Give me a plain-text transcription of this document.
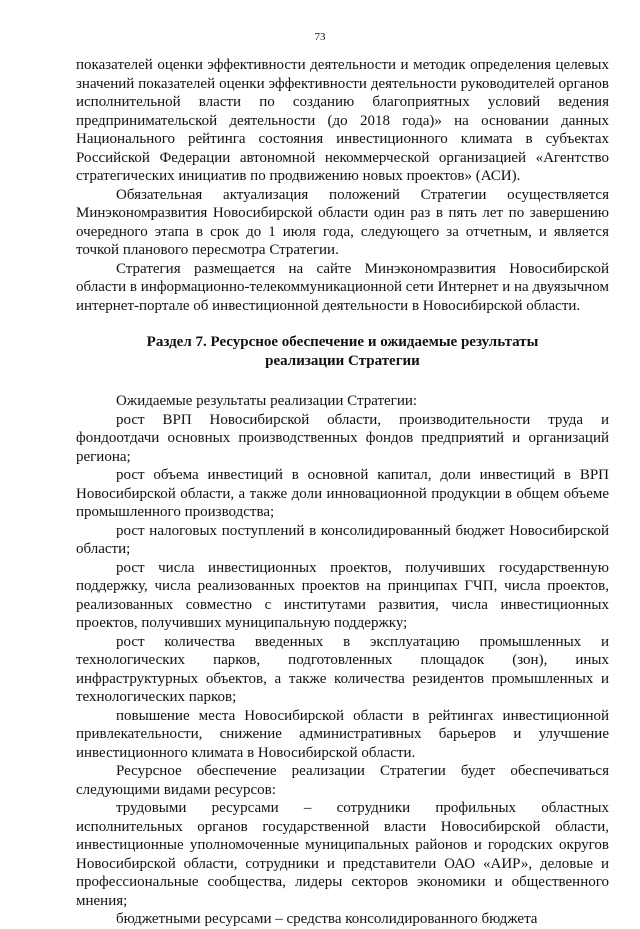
73

показателей оценки эффективности деятельности и методик определения целевых значений показателей оценки эффективности деятельности руководителей органов исполнительной власти по созданию благоприятных условий ведения предпринимательской деятельности (до 2018 года)» на основании данных Национального рейтинга состояния инвестиционного климата в субъектах Российской Федерации автономной некоммерческой организацией «Агентство стратегических инициатив по продвижению новых проектов» (АСИ).

Обязательная актуализация положений Стратегии осуществляется Минэкономразвития Новосибирской области один раз в пять лет по завершению очередного этапа в срок до 1 июля года, следующего за отчетным, и является точкой планового пересмотра Стратегии.

Стратегия размещается на сайте Минэкономразвития Новосибирской области в информационно-телекоммуникационной сети Интернет и на двуязычном интернет-портале об инвестиционной деятельности в Новосибирской области.

Раздел 7. Ресурсное обеспечение и ожидаемые результаты
реализации Стратегии

Ожидаемые результаты реализации Стратегии:

рост ВРП Новосибирской области, производительности труда и фондоотдачи основных производственных фондов предприятий и организаций региона;

рост объема инвестиций в основной капитал, доли инвестиций в ВРП Новосибирской области, а также доли инновационной продукции в общем объеме промышленного производства;

рост налоговых поступлений в консолидированный бюджет Новосибирской области;

рост числа инвестиционных проектов, получивших государственную поддержку, числа реализованных проектов на принципах ГЧП, числа проектов, реализованных совместно с институтами развития, числа инвестиционных проектов, получивших муниципальную поддержку;

рост количества введенных в эксплуатацию промышленных и технологических парков, подготовленных площадок (зон), иных инфраструктурных объектов, а также количества резидентов промышленных и технологических парков;

повышение места Новосибирской области в рейтингах инвестиционной привлекательности, снижение административных барьеров и улучшение инвестиционного климата в Новосибирской области.

Ресурсное обеспечение реализации Стратегии будет обеспечиваться следующими видами ресурсов:

трудовыми ресурсами – сотрудники профильных областных исполнительных органов государственной власти Новосибирской области, инвестиционные уполномоченные муниципальных районов и городских округов Новосибирской области, сотрудники и представители ОАО «АИР», деловые и профессиональные сообщества, лидеры секторов экономики и общественного мнения;

бюджетными ресурсами – средства консолидированного бюджета
